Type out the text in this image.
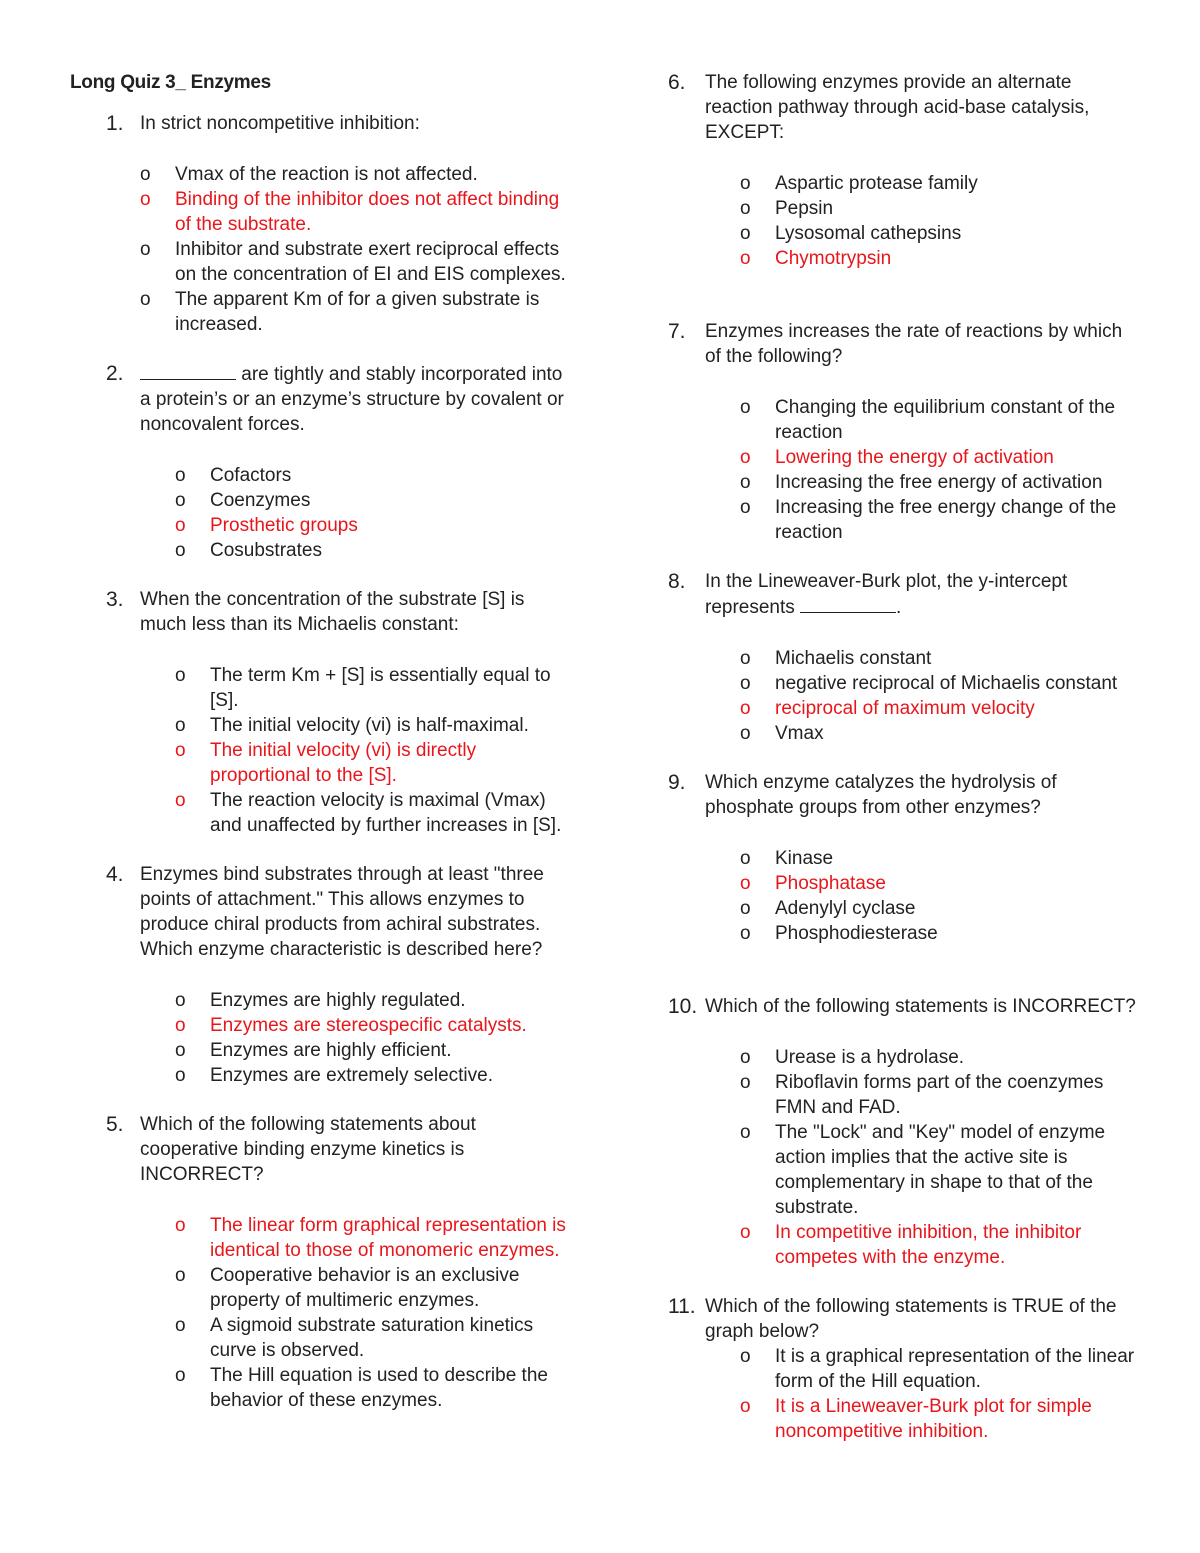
Long Quiz 3_ Enzymes
1. In strict noncompetitive inhibition:
o Vmax of the reaction is not affected.
o Binding of the inhibitor does not affect binding of the substrate.
o Inhibitor and substrate exert reciprocal effects on the concentration of EI and EIS complexes.
o The apparent Km of for a given substrate is increased.
2.	are tightly and stably incorporated into a protein’s or an enzyme’s structure by covalent or noncovalent forces.
o Cofactors
o Coenzymes
o Prosthetic groups
o Cosubstrates
3. When the concentration of the substrate [S] is much less than its Michaelis constant:
o The term Km + [S] is essentially equal to [S].
o The initial velocity (vi) is half-maximal.
o The initial velocity (vi) is directly proportional to the [S].
o The reaction velocity is maximal (Vmax) and unaffected by further increases in [S].
4. Enzymes bind substrates through at least "three points of attachment." This allows enzymes to produce chiral products from achiral substrates. Which enzyme characteristic is described here?
o Enzymes are highly regulated.
o Enzymes are stereospecific catalysts.
o Enzymes are highly efficient.
o Enzymes are extremely selective.
5. Which of the following statements about cooperative binding enzyme kinetics is INCORRECT?
o The linear form graphical representation is identical to those of monomeric enzymes.
o Cooperative behavior is an exclusive property of multimeric enzymes.
o A sigmoid substrate saturation kinetics curve is observed.
o The Hill equation is used to describe the behavior of these enzymes.
6. The following enzymes provide an alternate reaction pathway through acid-base catalysis, EXCEPT:
o Aspartic protease family
o Pepsin
o Lysosomal cathepsins
o Chymotrypsin
7. Enzymes increases the rate of reactions by which of the following?
o Changing the equilibrium constant of the reaction
o Lowering the energy of activation
o Increasing the free energy of activation
o Increasing the free energy change of the reaction
8. In the Lineweaver-Burk plot, the y-intercept represents	.
o Michaelis constant
o negative reciprocal of Michaelis constant
o reciprocal of maximum velocity
o Vmax
9. Which enzyme catalyzes the hydrolysis of phosphate groups from other enzymes?
o Kinase
o Phosphatase
o Adenylyl cyclase
o Phosphodiesterase
10. Which of the following statements is INCORRECT?
o Urease is a hydrolase.
o Riboflavin forms part of the coenzymes FMN and FAD.
o The "Lock" and "Key" model of enzyme action implies that the active site is complementary in shape to that of the substrate.
o In competitive inhibition, the inhibitor competes with the enzyme.
11. Which of the following statements is TRUE of the graph below?
o It is a graphical representation of the linear form of the Hill equation.
o It is a Lineweaver-Burk plot for simple noncompetitive inhibition.
